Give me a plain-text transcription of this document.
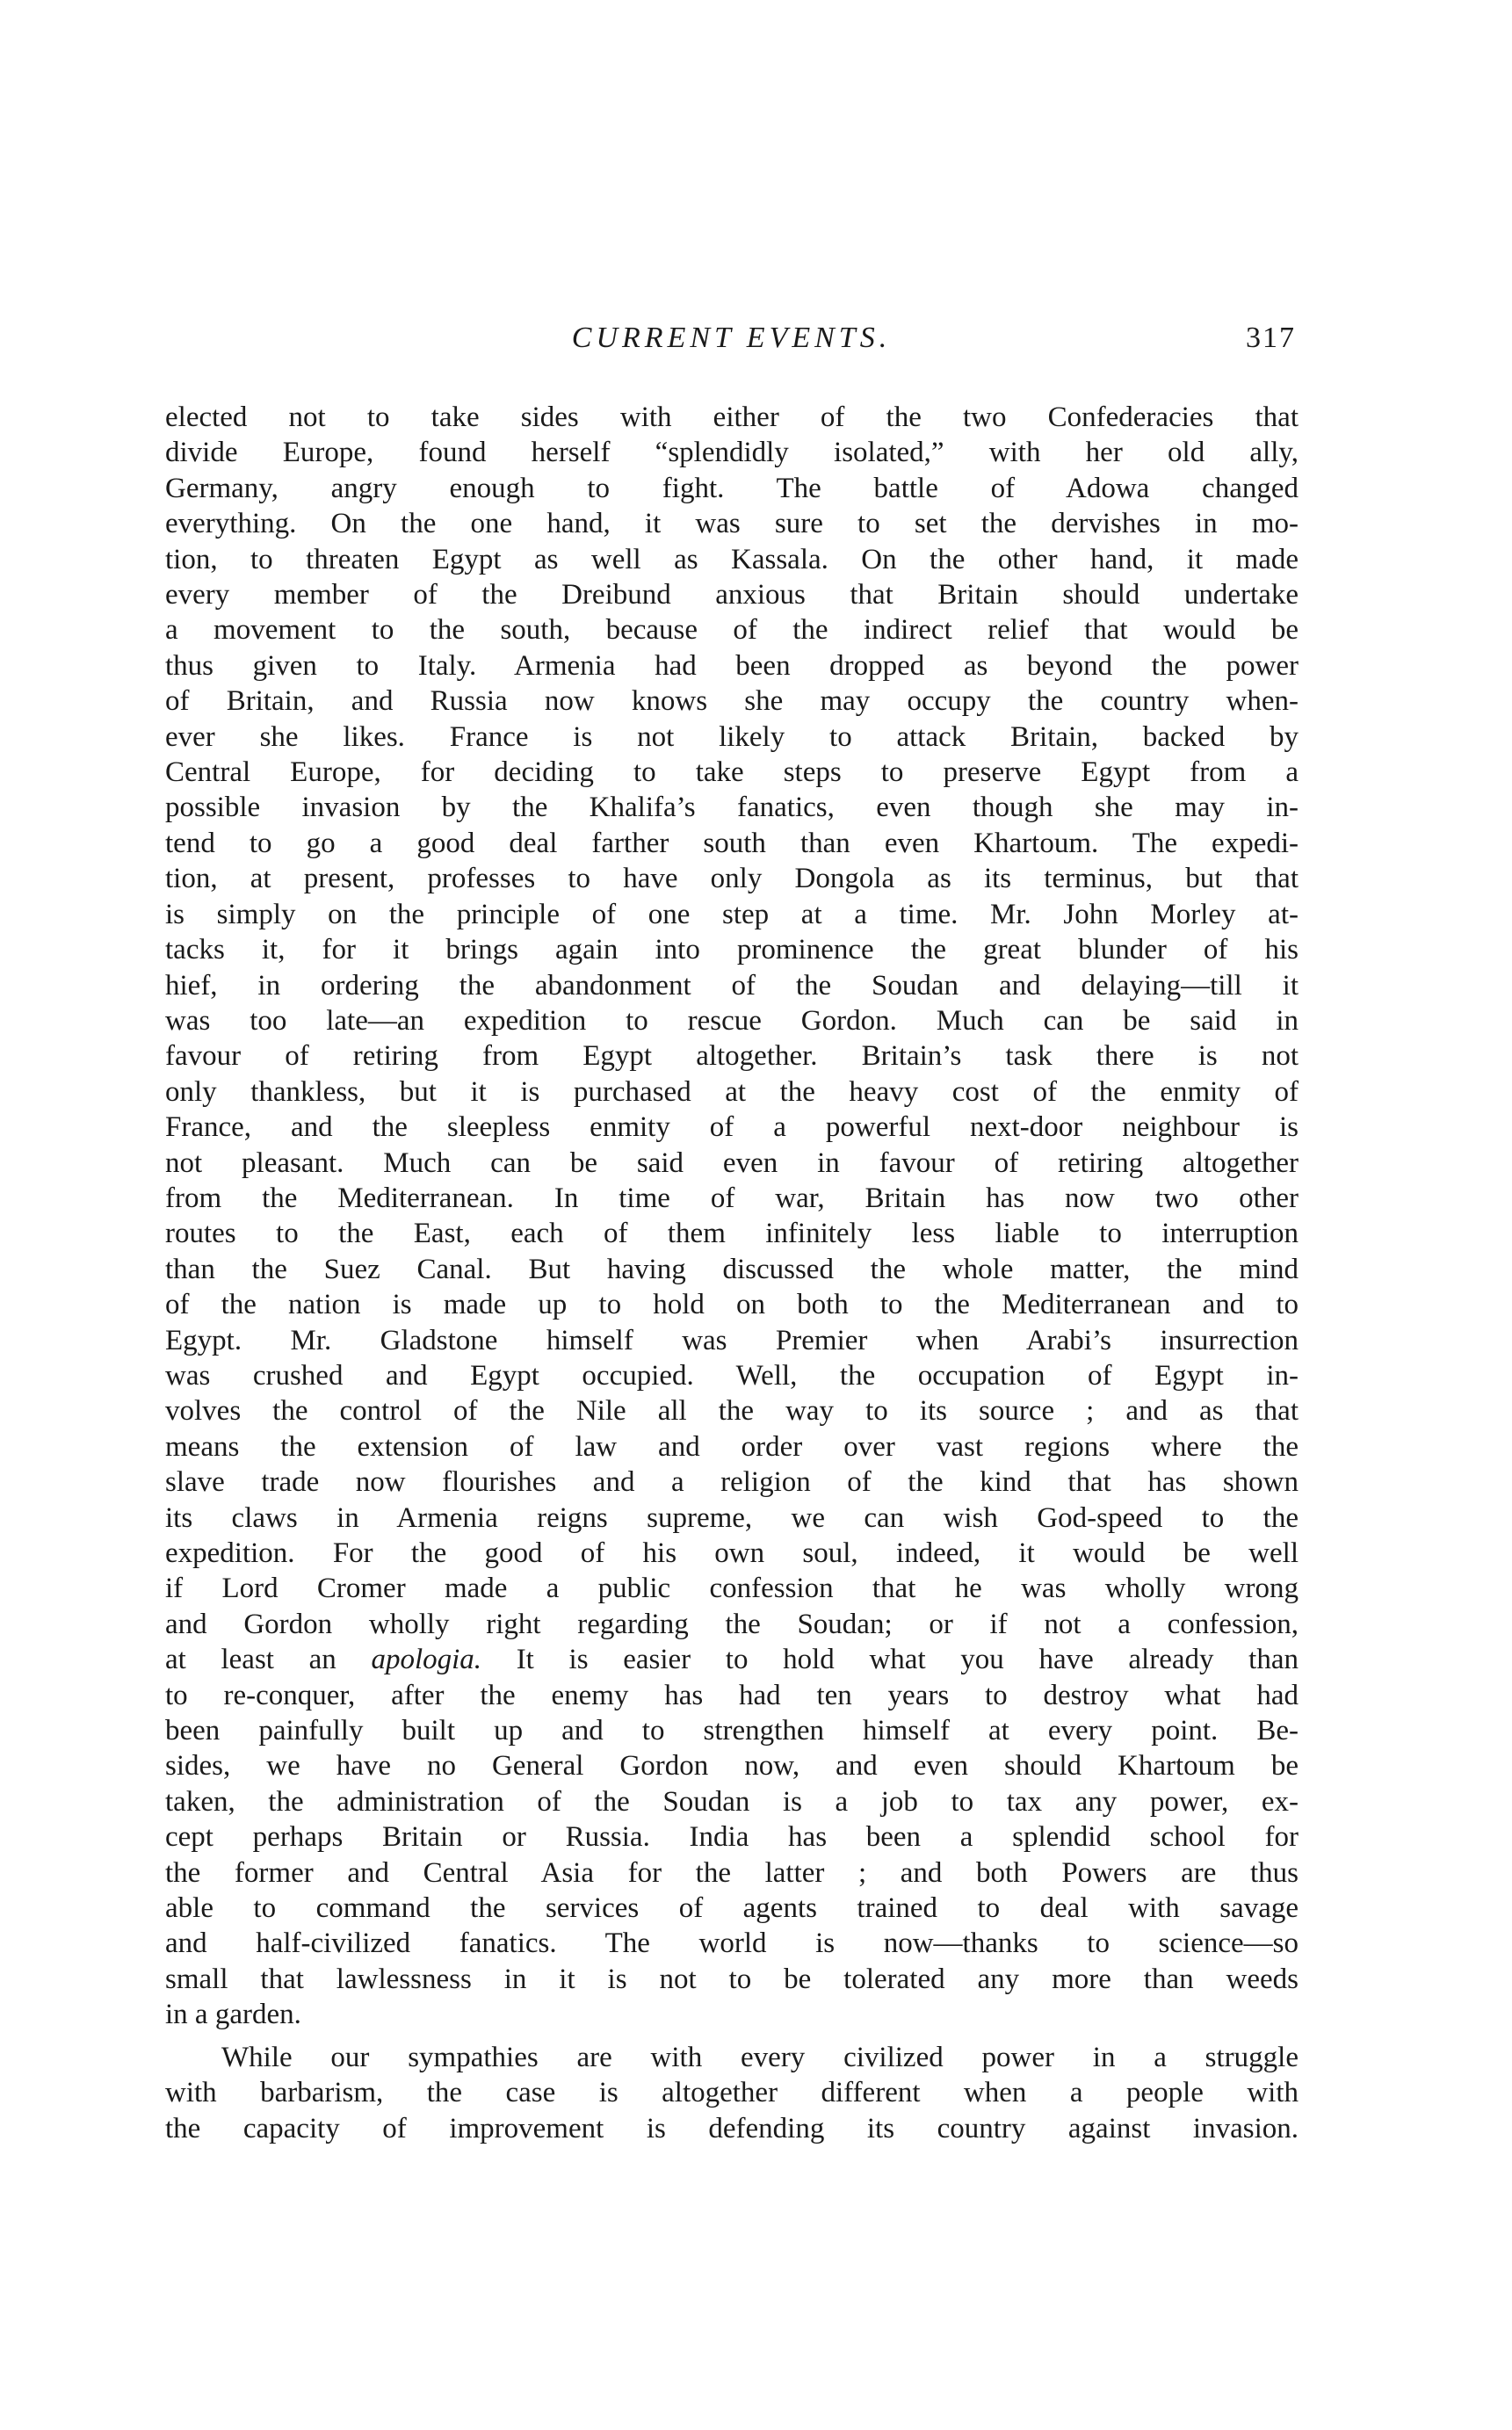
CURRENT EVENTS.	317
elected not to take sides with either of the two Confederacies that
divide Europe, found herself “splendidly isolated,” with her old ally,
Germany, angry enough to fight. The battle of Adowa changed
everything. On the one hand, it was sure to set the dervishes in mo-
tion, to threaten Egypt as well as Kassala. On the other hand, it made
every member of the Dreibund anxious that Britain should undertake
a movement to the south, because of the indirect relief that would be
thus given to Italy. Armenia had been dropped as beyond the power
of Britain, and Russia now knows she may occupy the country when-
ever she likes. France is not likely to attack Britain, backed by
Central Europe, for deciding to take steps to preserve Egypt from a
possible invasion by the Khalifa’s fanatics, even though she may in-
tend to go a good deal farther south than even Khartoum. The expedi-
tion, at present, professes to have only Dongola as its terminus, but that
is simply on the principle of one step at a time. Mr. John Morley at-
tacks it, for it brings again into prominence the great blunder of his
hief, in ordering the abandonment of the Soudan and delaying—till it
was too late—an expedition to rescue Gordon. Much can be said in
favour of retiring from Egypt altogether. Britain’s task there is not
only thankless, but it is purchased at the heavy cost of the enmity of
France, and the sleepless enmity of a powerful next-door neighbour is
not pleasant. Much can be said even in favour of retiring altogether
from the Mediterranean. In time of war, Britain has now two other
routes to the East, each of them infinitely less liable to interruption
than the Suez Canal. But having discussed the whole matter, the mind
of the nation is made up to hold on both to the Mediterranean and to
Egypt. Mr. Gladstone himself was Premier when Arabi’s insurrection
was crushed and Egypt occupied. Well, the occupation of Egypt in-
volves the control of the Nile all the way to its source ; and as that
means the extension of law and order over vast regions where the
slave trade now flourishes and a religion of the kind that has shown
its claws in Armenia reigns supreme, we can wish God-speed to the
expedition. For the good of his own soul, indeed, it would be well
if Lord Cromer made a public confession that he was wholly wrong
and Gordon wholly right regarding the Soudan; or if not a confession,
at least an apologia. It is easier to hold what you have already than
to re-conquer, after the enemy has had ten years to destroy what had
been painfully built up and to strengthen himself at every point. Be-
sides, we have no General Gordon now, and even should Khartoum be
taken, the administration of the Soudan is a job to tax any power, ex-
cept perhaps Britain or Russia. India has been a splendid school for
the former and Central Asia for the latter ; and both Powers are thus
able to command the services of agents trained to deal with savage
and half-civilized fanatics. The world is now—thanks to science—so
small that lawlessness in it is not to be tolerated any more than weeds
in a garden.
While our sympathies are with every civilized power in a struggle
with barbarism, the case is altogether different when a people with
the capacity of improvement is defending its country against invasion.
